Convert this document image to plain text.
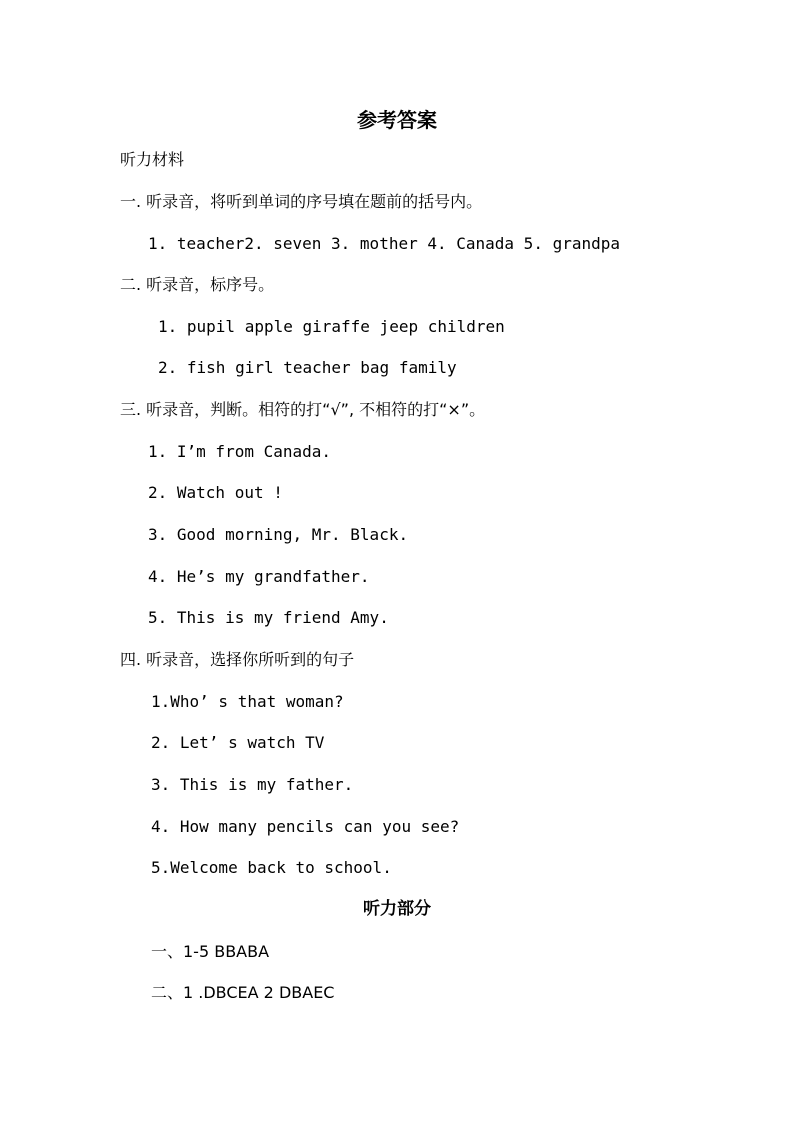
参考答案
听力材料
一. 听录音，将听到单词的序号填在题前的括号内。
1. teacher2. seven 3. mother 4. Canada 5. grandpa
二. 听录音，标序号。
1. pupil apple giraffe jeep children
2. fish girl teacher bag family
三. 听录音，判断。相符的打“√”, 不相符的打“×”。
1. I’m from Canada.
2. Watch out !
3. Good morning, Mr. Black.
4. He’s my grandfather.
5. This is my friend Amy.
四. 听录音，选择你所听到的句子
1.Who’ s that woman?
2. Let’ s watch TV
3. This is my father.
4. How many pencils can you see?
5.Welcome back to school.
听力部分
一、1-5 BBABA
二、1 .DBCEA 2 DBAEC
